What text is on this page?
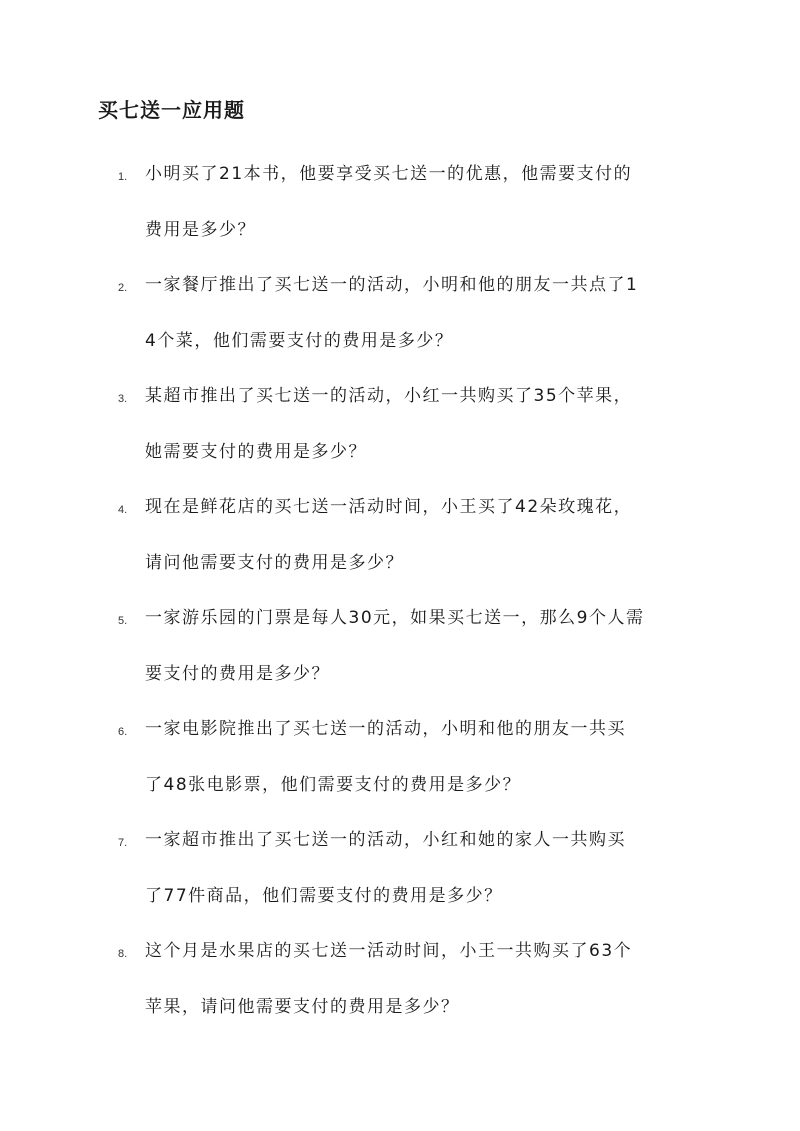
买七送一应用题
1. 小明买了21本书，他要享受买七送一的优惠，他需要支付的
费用是多少？
2. 一家餐厅推出了买七送一的活动，小明和他的朋友一共点了1
4个菜，他们需要支付的费用是多少？
3. 某超市推出了买七送一的活动，小红一共购买了35个苹果，
她需要支付的费用是多少？
4. 现在是鲜花店的买七送一活动时间，小王买了42朵玫瑰花，
请问他需要支付的费用是多少？
5. 一家游乐园的门票是每人30元，如果买七送一，那么9个人需
要支付的费用是多少？
6. 一家电影院推出了买七送一的活动，小明和他的朋友一共买
了48张电影票，他们需要支付的费用是多少？
7. 一家超市推出了买七送一的活动，小红和她的家人一共购买
了77件商品，他们需要支付的费用是多少？
8. 这个月是水果店的买七送一活动时间，小王一共购买了63个
苹果，请问他需要支付的费用是多少？
